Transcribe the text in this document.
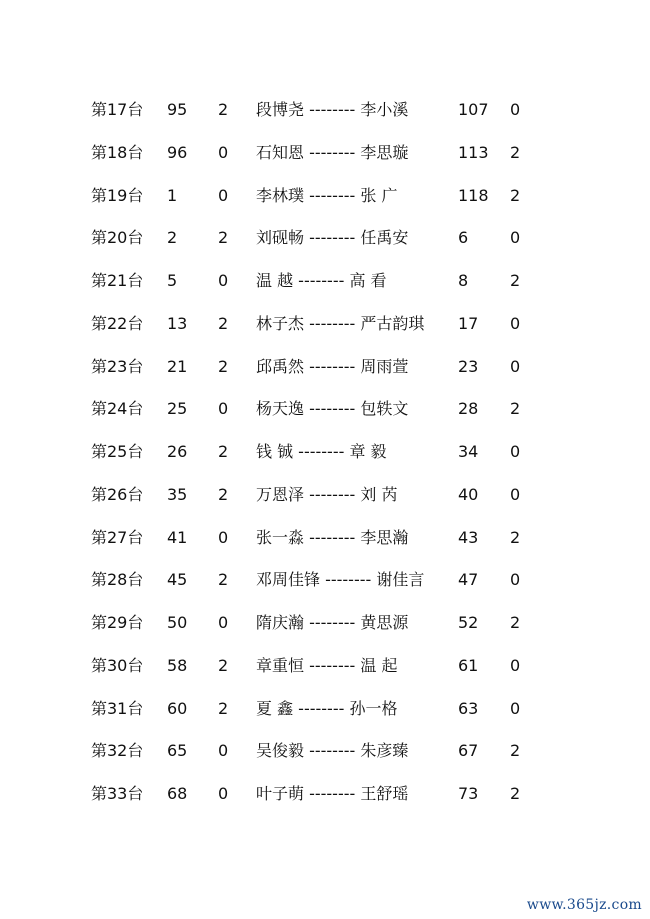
第17台 95 2 段博尧 -------- 李小溪	107 0
第18台 96 0 石知恩 -------- 李思璇	113 2
第19台 1	0 李林璞 -------- 张 广	118 2
第20台 2	2 刘砚畅 -------- 任禹安	6	0
第21台 5	0 温 越 -------- 高 看	8	2
第22台 13 2 林子杰 -------- 严古韵琪 17 0
第23台 21 2 邱禹然 -------- 周雨萱	23 0
第24台 25 0 杨天逸 -------- 包轶文	28 2
第25台 26 2 钱 铖 -------- 章 毅	34 0
第26台 35 2 万恩泽 -------- 刘 芮	40 0
第27台 41 0 张一淼 -------- 李思瀚	43 2
第28台 45 2 邓周佳锋 -------- 谢佳言 47 0
第29台 50 0 隋庆瀚 -------- 黄思源	52 2
第30台 58 2 章重恒 -------- 温 起	61 0
第31台 60 2 夏 鑫 -------- 孙一格	63 0
第32台 65 0 吴俊毅 -------- 朱彦臻	67 2
第33台 68 0 叶子萌 -------- 王舒瑶	73 2
www.365jz.com
